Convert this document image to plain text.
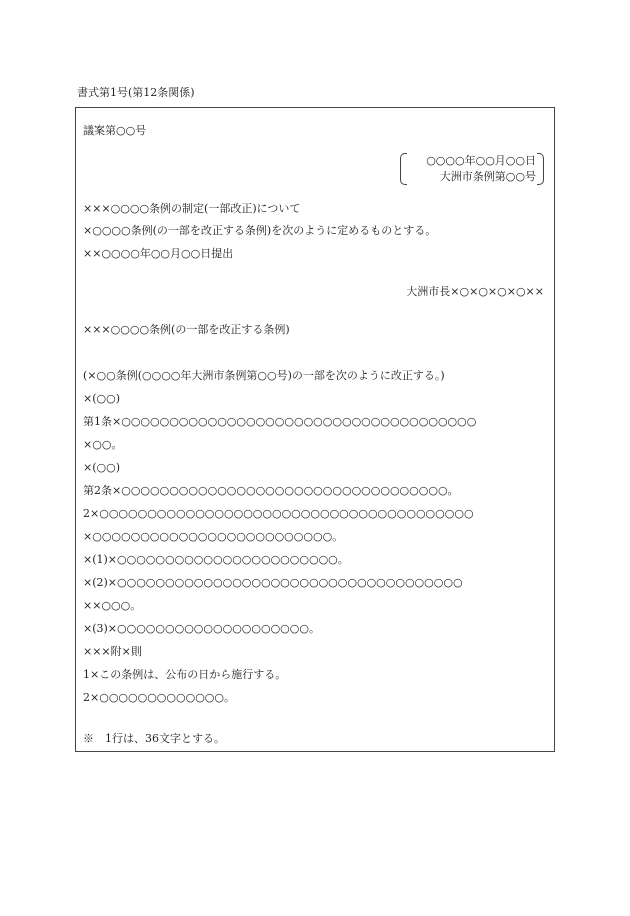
書式第1号(第12条関係)
議案第○○号
○○○○年○○月○○日
大洲市条例第○○号
×××○○○○条例の制定(一部改正)について
×○○○○条例(の一部を改正する条例)を次のように定めるものとする。
××○○○○年○○月○○日提出
大洲市長×○×○×○×○××
×××○○○○条例(の一部を改正する条例)
(×○○条例(○○○○年大洲市条例第○○号)の一部を次のように改正する。)
×(○○)
第1条×○○○○○○○○○○○○○○○○○○○○○○○○○○○○○○○○○○○○○
×○○。
×(○○)
第2条×○○○○○○○○○○○○○○○○○○○○○○○○○○○○○○○○○○。
2×○○○○○○○○○○○○○○○○○○○○○○○○○○○○○○○○○○○○○○○
×○○○○○○○○○○○○○○○○○○○○○○○○○。
×(1)×○○○○○○○○○○○○○○○○○○○○○○○。
×(2)×○○○○○○○○○○○○○○○○○○○○○○○○○○○○○○○○○○○○
××○○○。
×(3)×○○○○○○○○○○○○○○○○○○○○。
×××附×則
1×この条例は、公布の日から施行する。
2×○○○○○○○○○○○○○。
※　1行は、36文字とする。
